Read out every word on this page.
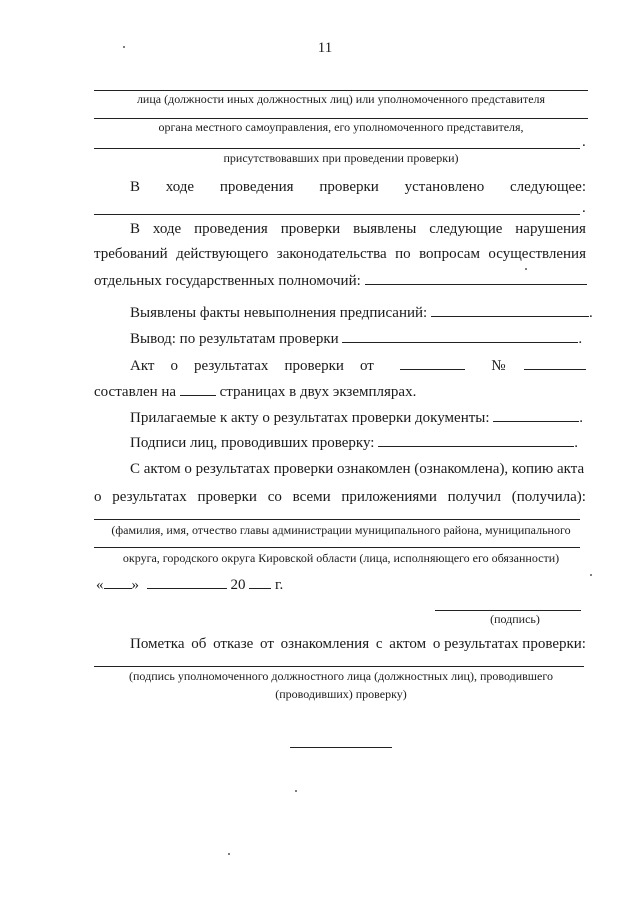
11
лица (должности иных должностных лиц) или уполномоченного представителя
органа местного самоуправления, его уполномоченного представителя,
.
присутствовавших при проведении проверки)
В ходе проведения проверки установлено следующее:
.
В ходе проведения проверки выявлены следующие нарушения
требований действующего законодательства по вопросам осуществления
отдельных государственных полномочий:
Выявлены факты невыполнения предписаний:	.
Вывод: по результатам проверки	.
Акт о результатах проверки от	№
составлен на	страницах в двух экземплярах.
Прилагаемые к акту о результатах проверки документы:	.
Подписи лиц, проводивших проверку:	.
С актом о результатах проверки ознакомлен (ознакомлена), копию акта
о результатах проверки со всеми приложениями получил (получила):
(фамилия, имя, отчество главы администрации муниципального района, муниципального
округа, городского округа Кировской области (лица, исполняющего его обязанности)
« »	20 г.
(подпись)
Пометка об отказе от ознакомления с актом о результатах проверки:
(подпись уполномоченного должностного лица (должностных лиц), проводившего
(проводивших) проверку)
